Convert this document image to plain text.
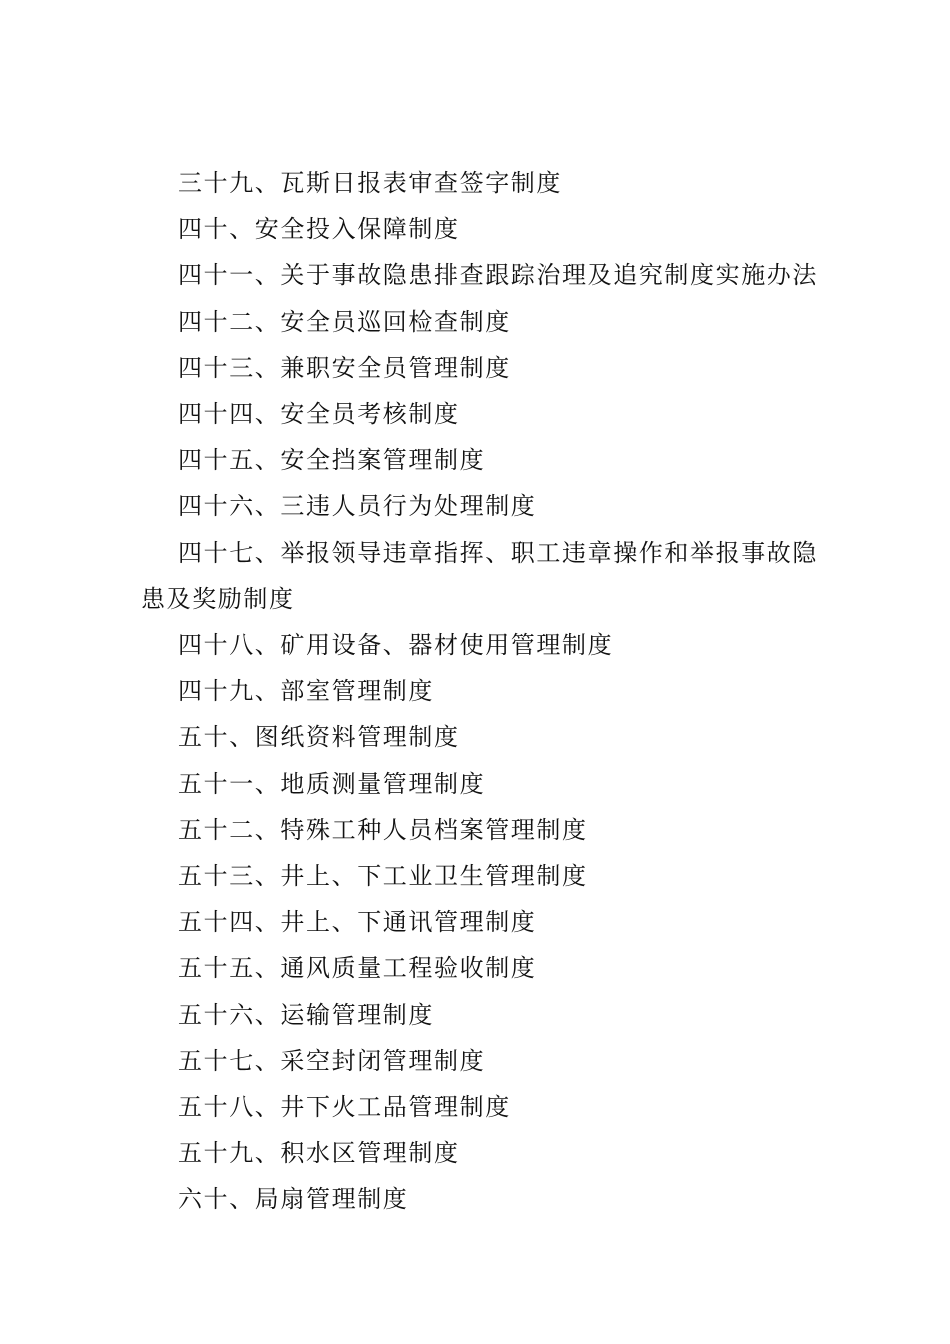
三十九、瓦斯日报表审查签字制度
四十、安全投入保障制度
四十一、关于事故隐患排查跟踪治理及追究制度实施办法
四十二、安全员巡回检查制度
四十三、兼职安全员管理制度
四十四、安全员考核制度
四十五、安全挡案管理制度
四十六、三违人员行为处理制度
四十七、举报领导违章指挥、职工违章操作和举报事故隐患及奖励制度
四十八、矿用设备、器材使用管理制度
四十九、部室管理制度
五十、图纸资料管理制度
五十一、地质测量管理制度
五十二、特殊工种人员档案管理制度
五十三、井上、下工业卫生管理制度
五十四、井上、下通讯管理制度
五十五、通风质量工程验收制度
五十六、运输管理制度
五十七、采空封闭管理制度
五十八、井下火工品管理制度
五十九、积水区管理制度
六十、局扇管理制度
